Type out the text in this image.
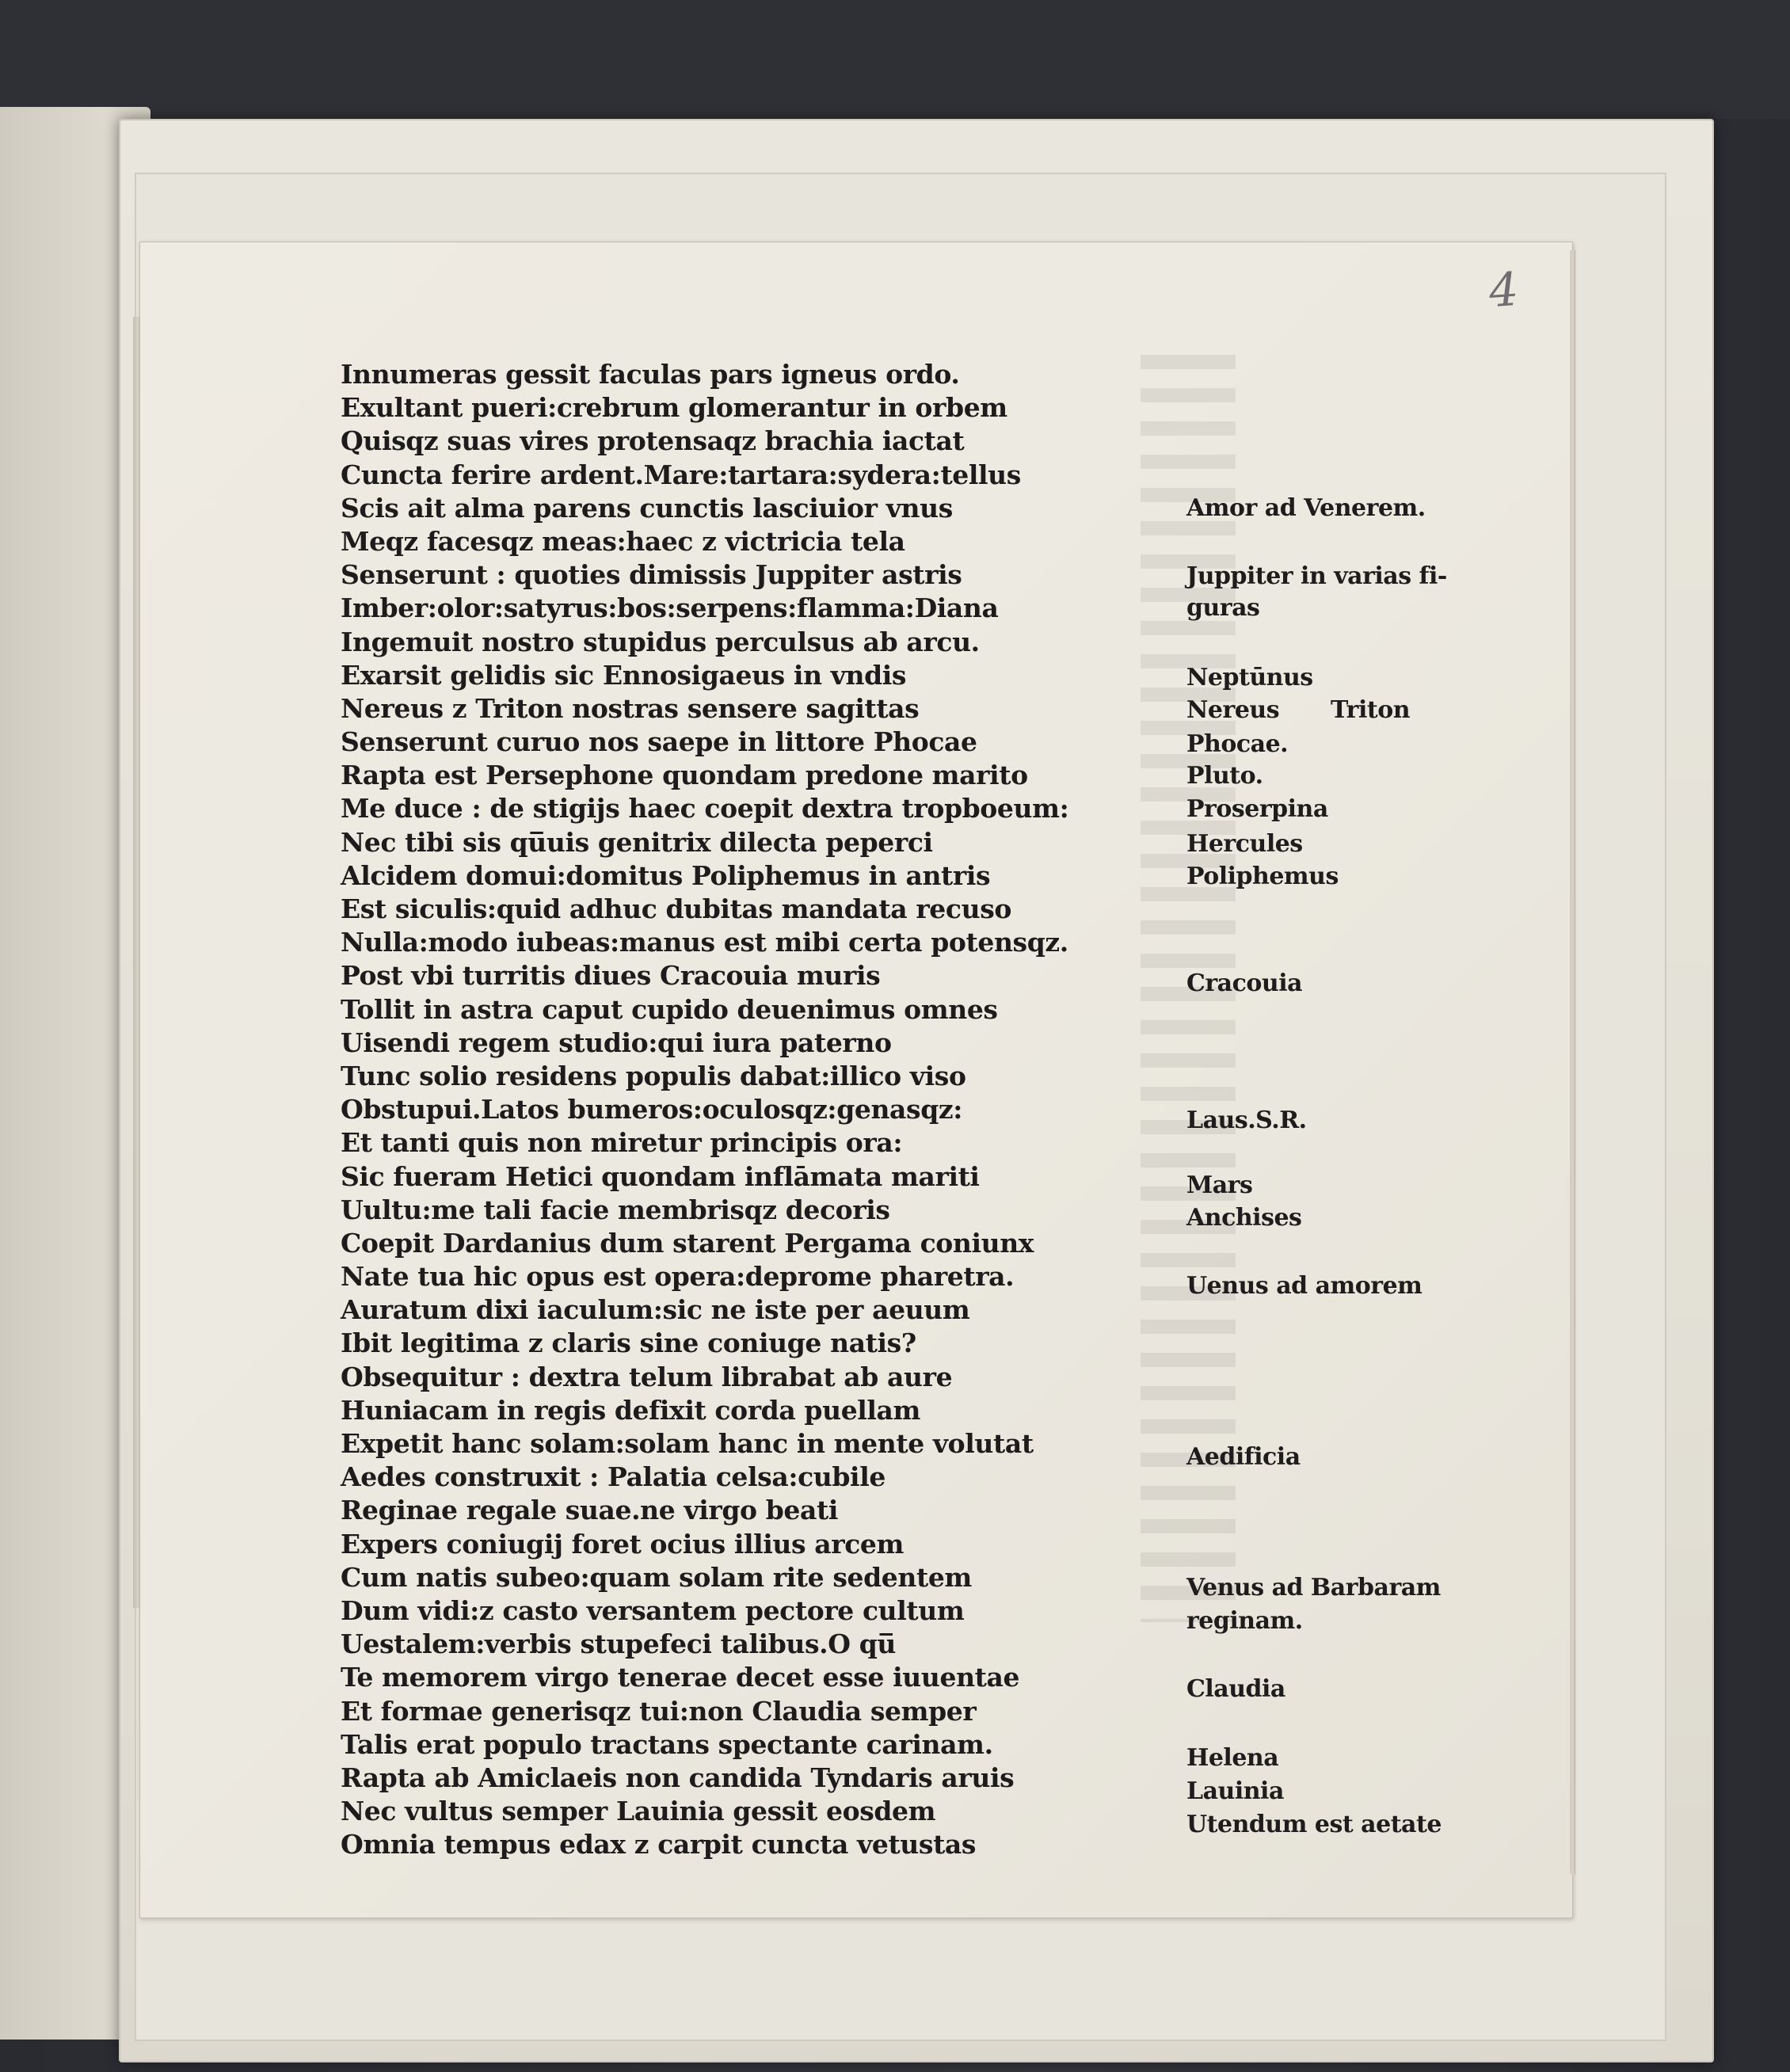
4
Innumeras gessit faculas pars igneus ordo.
Exultant pueri:crebrum glomerantur in orbem
Quisqz suas vires protensaqz brachia iactat
Cuncta ferire ardent.Mare:tartara:sydera:tellus
Scis ait alma parens cunctis lasciuior vnus
Meqz facesqz meas:haec z victricia tela
Senserunt : quoties dimissis Juppiter astris
Imber:olor:satyrus:bos:serpens:flamma:Diana
Ingemuit nostro stupidus perculsus ab arcu.
Exarsit gelidis sic Ennosigaeus in vndis
Nereus z Triton nostras sensere sagittas
Senserunt curuo nos saepe in littore Phocae
Rapta est Persephone quondam predone marito
Me duce : de stigijs haec coepit dextra tropboeum:
Nec tibi sis qu̅uis genitrix dilecta peperci
Alcidem domui:domitus Poliphemus in antris
Est siculis:quid adhuc dubitas mandata recuso
Nulla:modo iubeas:manus est mibi certa potensqz.
Post vbi turritis diues Cracouia muris
Tollit in astra caput cupido deuenimus omnes
Uisendi regem studio:qui iura paterno
Tunc solio residens populis dabat:illico viso
Obstupui.Latos bumeros:oculosqz:genasqz:
Et tanti quis non miretur principis ora:
Sic fueram Hetici quondam inflāmata mariti
Uultu:me tali facie membrisqz decoris
Coepit Dardanius dum starent Pergama coniunx
Nate tua hic opus est opera:deprome pharetra.
Auratum dixi iaculum:sic ne iste per aeuum
Ibit legitima z claris sine coniuge natis?
Obsequitur : dextra telum librabat ab aure
Huniacam in regis defixit corda puellam
Expetit hanc solam:solam hanc in mente volutat
Aedes construxit : Palatia celsa:cubile
Reginae regale suae.ne virgo beati
Expers coniugij foret ocius illius arcem
Cum natis subeo:quam solam rite sedentem
Dum vidi:z casto versantem pectore cultum
Uestalem:verbis stupefeci talibus.O qu̅
Te memorem virgo tenerae decet esse iuuentae
Et formae generisqz tui:non Claudia semper
Talis erat populo tractans spectante carinam.
Rapta ab Amiclaeis non candida Tyndaris aruis
Nec vultus semper Lauinia gessit eosdem
Omnia tempus edax z carpit cuncta vetustas
Amor ad Venerem.
Juppiter in varias fi-
guras
Neptūnus
Nereus Triton
Phocae.
Pluto.
Proserpina
Hercules
Poliphemus
Cracouia
Laus.S.R.
Mars
Anchises
Uenus ad amorem
Aedificia
Venus ad Barbaram
reginam.
Claudia
Helena
Lauinia
Utendum est aetate
